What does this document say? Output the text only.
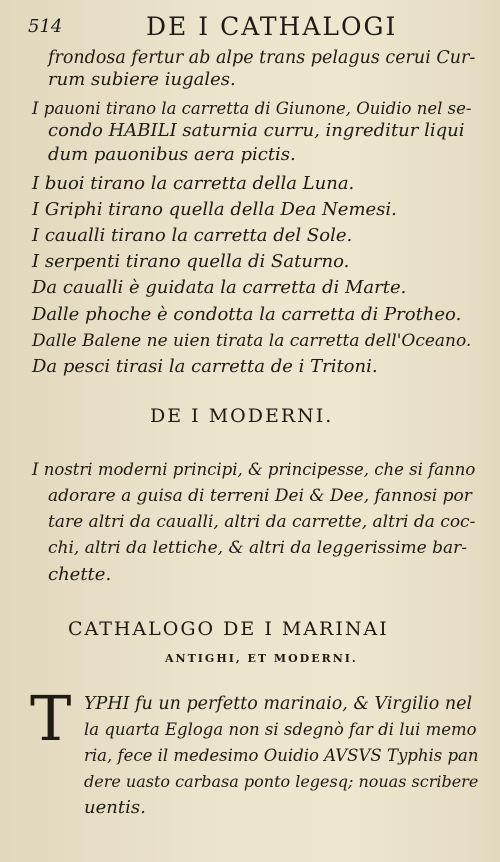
514	DE I CATHALOGI
frondosa fertur ab alpe trans pelagus cerui Cur-
rum subiere iugales.
I pauoni tirano la carretta di Giunone, Ouidio nel se-
condo HABILI saturnia curru, ingreditur liqui
dum pauonibus aera pictis.
I buoi tirano la carretta della Luna.
I Griphi tirano quella della Dea Nemesi.
I caualli tirano la carretta del Sole.
I serpenti tirano quella di Saturno.
Da caualli è guidata la carretta di Marte.
Dalle phoche è condotta la carretta di Protheo.
Dalle Balene ne uien tirata la carretta dell'Oceano.
Da pesci tirasi la carretta de i Tritoni.
DE I MODERNI.
I nostri moderni principi, & principesse, che si fanno
adorare a guisa di terreni Dei & Dee, fannosi por
tare altri da caualli, altri da carrette, altri da coc-
chi, altri da lettiche, & altri da leggerissime bar-
chette.
CATHALOGO DE I MARINAI
ANTIGHI, ET MODERNI.
T YPHI fu un perfetto marinaio, & Virgilio nel
la quarta Egloga non si sdegnò far di lui memo
ria, fece il medesimo Ouidio AVSVS Typhis pan
dere uasto carbasa ponto legesq; nouas scribere
uentis.
